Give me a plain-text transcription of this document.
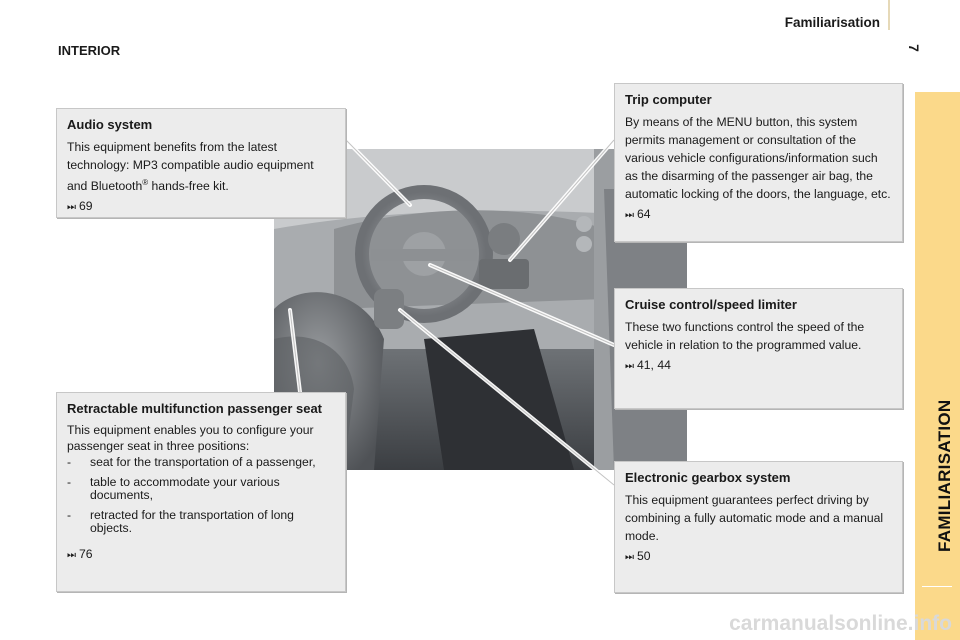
Familiarisation
7
INTERIOR
FAMILIARISATION
Audio system

This equipment benefits from the latest technology: MP3 compatible audio equipment and Bluetooth® hands-free kit.

⏭ 69
Trip computer

By means of the MENU button, this system permits management or consultation of the various vehicle configurations/information such as the disarming of the passenger air bag, the automatic locking of the doors, the language, etc.

⏭ 64
Cruise control/speed limiter

These two functions control the speed of the vehicle in relation to the programmed value.

⏭ 41, 44
Retractable multifunction passenger seat

This equipment enables you to configure your passenger seat in three positions:

- seat for the transportation of a passenger,
- table to accommodate your various documents,
- retracted for the transportation of long objects.
⏭ 76
Electronic gearbox system

This equipment guarantees perfect driving by combining a fully automatic mode and a manual mode.

⏭ 50
carmanualsonline.info
